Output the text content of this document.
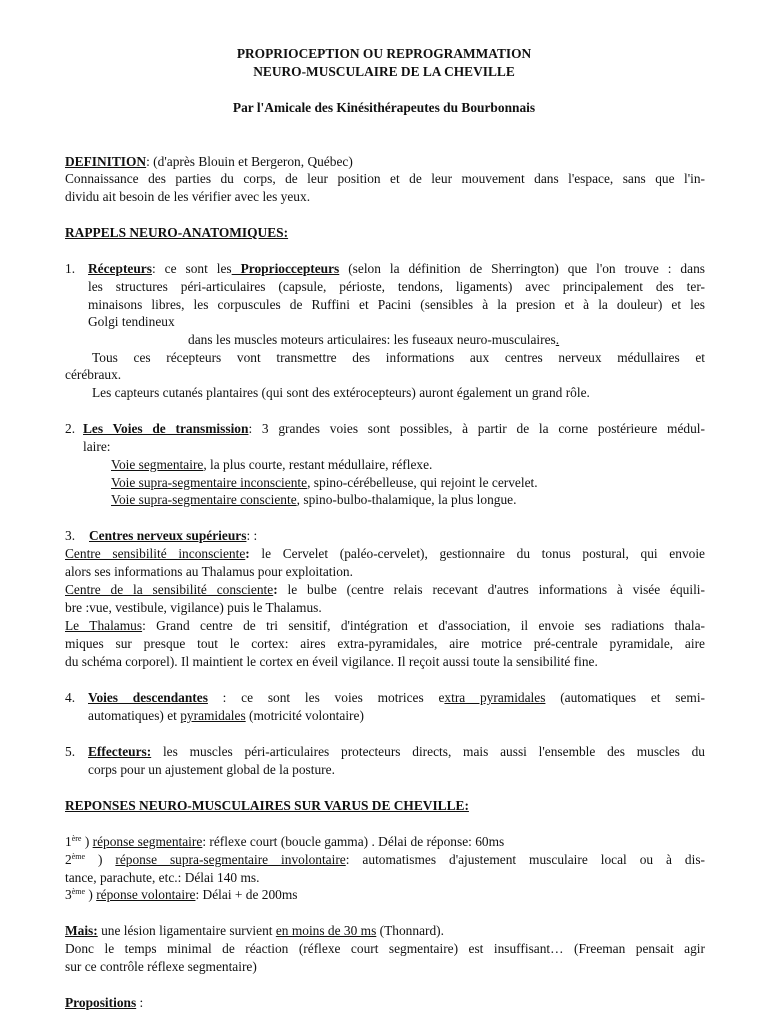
PROPRIOCEPTION OU REPROGRAMMATION
NEURO-MUSCULAIRE DE LA CHEVILLE
Par l'Amicale des Kinésithérapeutes du Bourbonnais
DEFINITION: (d'après Blouin et Bergeron, Québec)
Connaissance des parties du corps, de leur position et de leur mouvement dans l'espace, sans que l'in-
dividu ait besoin de les vérifier avec les yeux.
RAPPELS NEURO-ANATOMIQUES:
1. Récepteurs: ce sont les Proprioccepteurs (selon la définition de Sherrington) que l'on trouve : dans
les structures péri-articulaires (capsule, périoste, tendons, ligaments) avec principalement des ter-
minaisons libres, les corpuscules de Ruffini et Pacini (sensibles à la presion et à la douleur) et les
Golgi tendineux
dans les muscles moteurs articulaires: les fuseaux neuro-musculaires.
Tous ces récepteurs vont transmettre des informations aux centres nerveux médullaires et
cérébraux.
Les capteurs cutanés plantaires (qui sont des extérocepteurs) auront également un grand rôle.
2. Les Voies de transmission: 3 grandes voies sont possibles, à partir de la corne postérieure médul-
laire:
Voie segmentaire, la plus courte, restant médullaire, réflexe.
Voie supra-segmentaire inconsciente, spino-cérébelleuse, qui rejoint le cervelet.
Voie supra-segmentaire consciente, spino-bulbo-thalamique, la plus longue.
3. Centres nerveux supérieurs: :
Centre sensibilité inconsciente: le Cervelet (paléo-cervelet), gestionnaire du tonus postural, qui envoie
alors ses informations au Thalamus pour exploitation.
Centre de la sensibilité consciente: le bulbe (centre relais recevant d'autres informations à visée équili-
bre :vue, vestibule, vigilance) puis le Thalamus.
Le Thalamus: Grand centre de tri sensitif, d'intégration et d'association, il envoie ses radiations thala-
miques sur presque tout le cortex: aires extra-pyramidales, aire motrice pré-centrale pyramidale, aire
du schéma corporel). Il maintient le cortex en éveil vigilance. Il reçoit aussi toute la sensibilité fine.
4. Voies descendantes : ce sont les voies motrices extra pyramidales (automatiques et semi-
automatiques) et pyramidales (motricité volontaire)
5. Effecteurs: les muscles péri-articulaires protecteurs directs, mais aussi l'ensemble des muscles du
corps pour un ajustement global de la posture.
REPONSES NEURO-MUSCULAIRES SUR VARUS DE CHEVILLE:
1ère ) réponse segmentaire: réflexe court (boucle gamma) . Délai de réponse: 60ms
2ème ) réponse supra-segmentaire involontaire: automatismes d'ajustement musculaire local ou à dis-
tance, parachute, etc.: Délai 140 ms.
3ème ) réponse volontaire: Délai + de 200ms
Mais: une lésion ligamentaire survient en moins de 30 ms (Thonnard).
Donc le temps minimal de réaction (réflexe court segmentaire) est insuffisant… (Freeman pensait agir
sur ce contrôle réflexe segmentaire)
Propositions :
